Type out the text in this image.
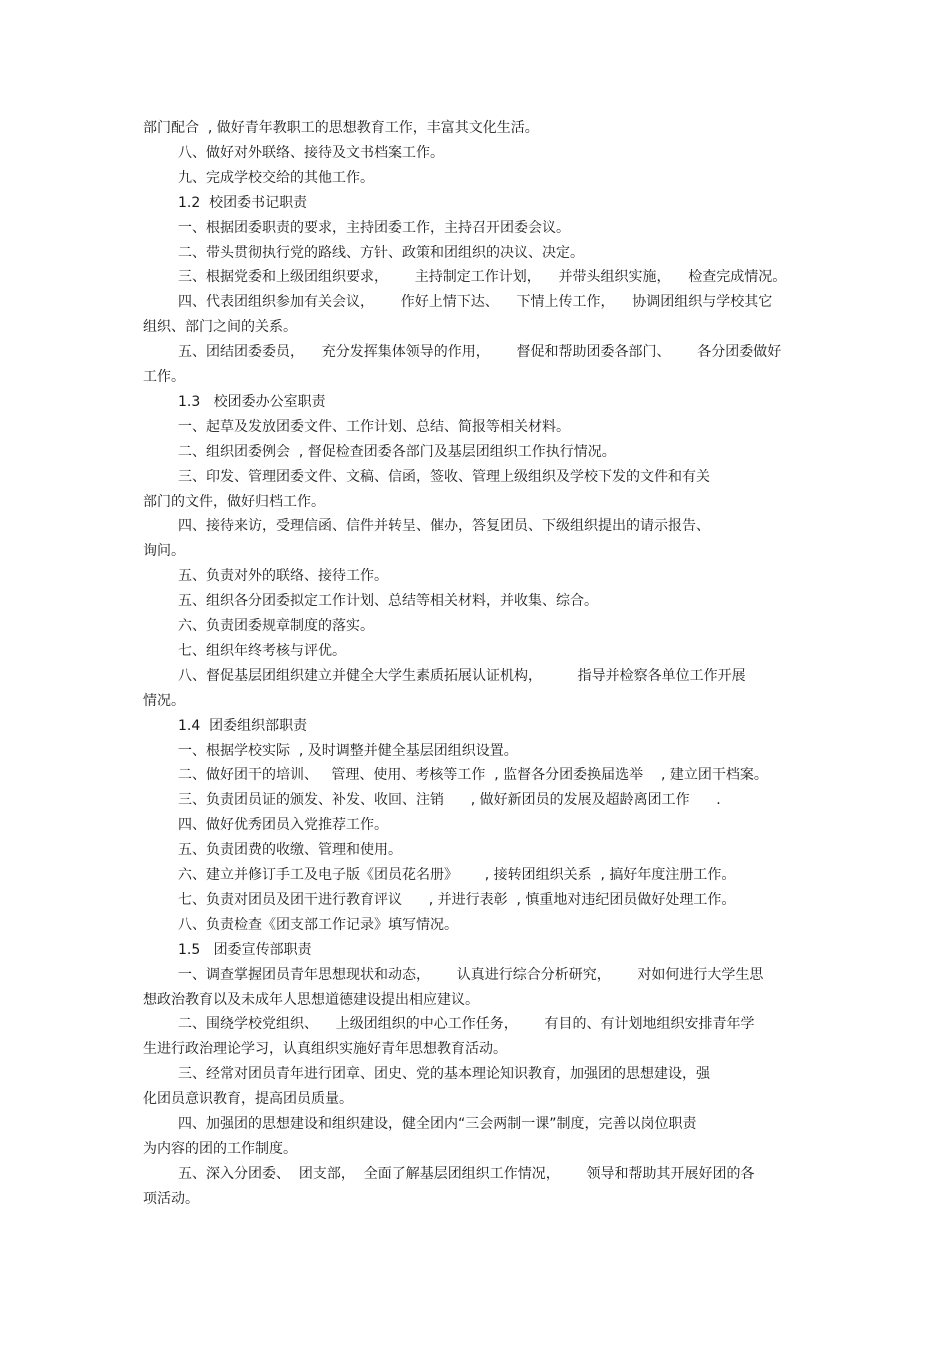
部门配合  , 做好青年教职工的思想教育工作，丰富其文化生活。
八、做好对外联络、接待及文书档案工作。
九、完成学校交给的其他工作。
1.2  校团委书记职责
一、根据团委职责的要求，主持团委工作，主持召开团委会议。
二、带头贯彻执行党的路线、方针、政策和团组织的决议、决定。
三、根据党委和上级团组织要求，      主持制定工作计划，    并带头组织实施，    检查完成情况。
四、代表团组织参加有关会议，      作好上情下达、    下情上传工作，    协调团组织与学校其它
组织、部门之间的关系。
五、团结团委委员，    充分发挥集体领导的作用，      督促和帮助团委各部门、      各分团委做好
工作。
1.3   校团委办公室职责
一、起草及发放团委文件、工作计划、总结、简报等相关材料。
二、组织团委例会  , 督促检查团委各部门及基层团组织工作执行情况。
三、印发、管理团委文件、文稿、信函，签收、管理上级组织及学校下发的文件和有关
部门的文件，做好归档工作。
四、接待来访，受理信函、信件并转呈、催办，答复团员、下级组织提出的请示报告、
询问。
五、负责对外的联络、接待工作。
五、组织各分团委拟定工作计划、总结等相关材料，并收集、综合。
六、负责团委规章制度的落实。
七、组织年终考核与评优。
八、督促基层团组织建立并健全大学生素质拓展认证机构，        指导并检察各单位工作开展
情况。
1.4  团委组织部职责
一、根据学校实际  , 及时调整并健全基层团组织设置。
二、做好团干的培训、   管理、使用、考核等工作  , 监督各分团委换届选举    , 建立团干档案。
三、负责团员证的颁发、补发、收回、注销      , 做好新团员的发展及超龄离团工作      .
四、做好优秀团员入党推荐工作。
五、负责团费的收缴、管理和使用。
六、建立并修订手工及电子版《团员花名册》      , 接转团组织关系  , 搞好年度注册工作。
七、负责对团员及团干进行教育评议      , 并进行表彰  , 慎重地对违纪团员做好处理工作。
八、负责检查《团支部工作记录》填写情况。
1.5   团委宣传部职责
一、调查掌握团员青年思想现状和动态，      认真进行综合分析研究，      对如何进行大学生思
想政治教育以及未成年人思想道德建设提出相应建议。
二、围绕学校党组织、    上级团组织的中心工作任务，      有目的、有计划地组织安排青年学
生进行政治理论学习，认真组织实施好青年思想教育活动。
三、经常对团员青年进行团章、团史、党的基本理论知识教育，加强团的思想建设，强
化团员意识教育，提高团员质量。
四、加强团的思想建设和组织建设，健全团内“三会两制一课”制度，完善以岗位职责
为内容的团的工作制度。
五、深入分团委、  团支部，  全面了解基层团组织工作情况，      领导和帮助其开展好团的各
项活动。
